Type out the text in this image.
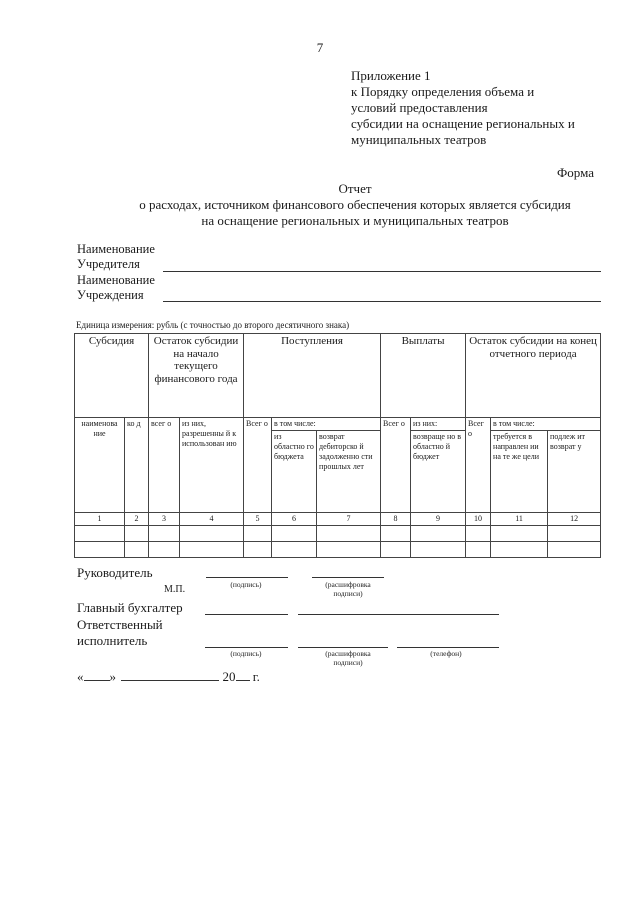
7
Приложение 1
к Порядку определения объема и
условий предоставления
субсидии на оснащение региональных и
муниципальных театров
Форма
Отчет
о расходах, источником финансового обеспечения которых является субсидия
на оснащение региональных и муниципальных театров
Наименование
Учредителя
Наименование
Учреждения
Единица измерения: рубль (с точностью до второго десятичного знака)
Субсидия		Остаток субсидии на начало текущего финансового года		Поступления			Выплаты		Остаток субсидии на конец отчетного периода		
наименова ние	ко д	всег о	из них, разрешенны й к использован ию	Всег о	в том числе:		Всег о	из них:	Всег о	в том числе:	
					из областно го бюджета	возврат дебиторско й задолженно сти прошлых лет		возвраще но в областно й бюджет		требуется в направлен ии на те же цели	подлеж ит возврат у
1	2	3	4	5	6	7	8	9	10	11	12

Руководитель
М.П.	(подпись)	(расшифровка
подписи)
Главный бухгалтер
Ответственный
исполнитель
(подпись)	(расшифровка
подписи)
(телефон)
« »	20 г.
